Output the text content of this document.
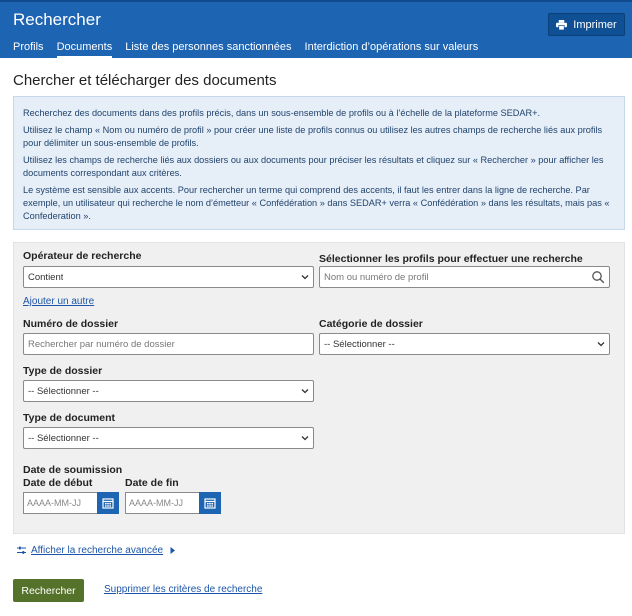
Rechercher	Imprimer
Profils Documents Liste des personnes sanctionnées Interdiction d’opérations sur valeurs
Chercher et télécharger des documents

Recherchez des documents dans des profils précis, dans un sous-ensemble de profils ou à l’échelle de la plateforme SEDAR+.

Utilisez le champ « Nom ou numéro de profil » pour créer une liste de profils connus ou utilisez les autres champs de recherche liés aux profils pour délimiter un sous-ensemble de profils.

Utilisez les champs de recherche liés aux dossiers ou aux documents pour préciser les résultats et cliquez sur « Rechercher » pour afficher les documents correspondant aux critères.

Le système est sensible aux accents. Pour rechercher un terme qui comprend des accents, il faut les entrer dans la ligne de recherche. Par exemple, un utilisateur qui recherche le nom d’émetteur « Confédération » dans SEDAR+ verra « Confédération » dans les résultats, mais pas « Confederation ».

Opérateur de recherche
Contient
Sélectionner les profils pour effectuer une recherche
Nom ou numéro de profil
Ajouter un autre
Numéro de dossier
Rechercher par numéro de dossier
Catégorie de dossier
-- Sélectionner --
Type de dossier
-- Sélectionner --
Type de document
-- Sélectionner --
Date de soumission
Date de début	Date de fin
AAAA-MM-JJ	AAAA-MM-JJ
Afficher la recherche avancée
Rechercher	Supprimer les critères de recherche
